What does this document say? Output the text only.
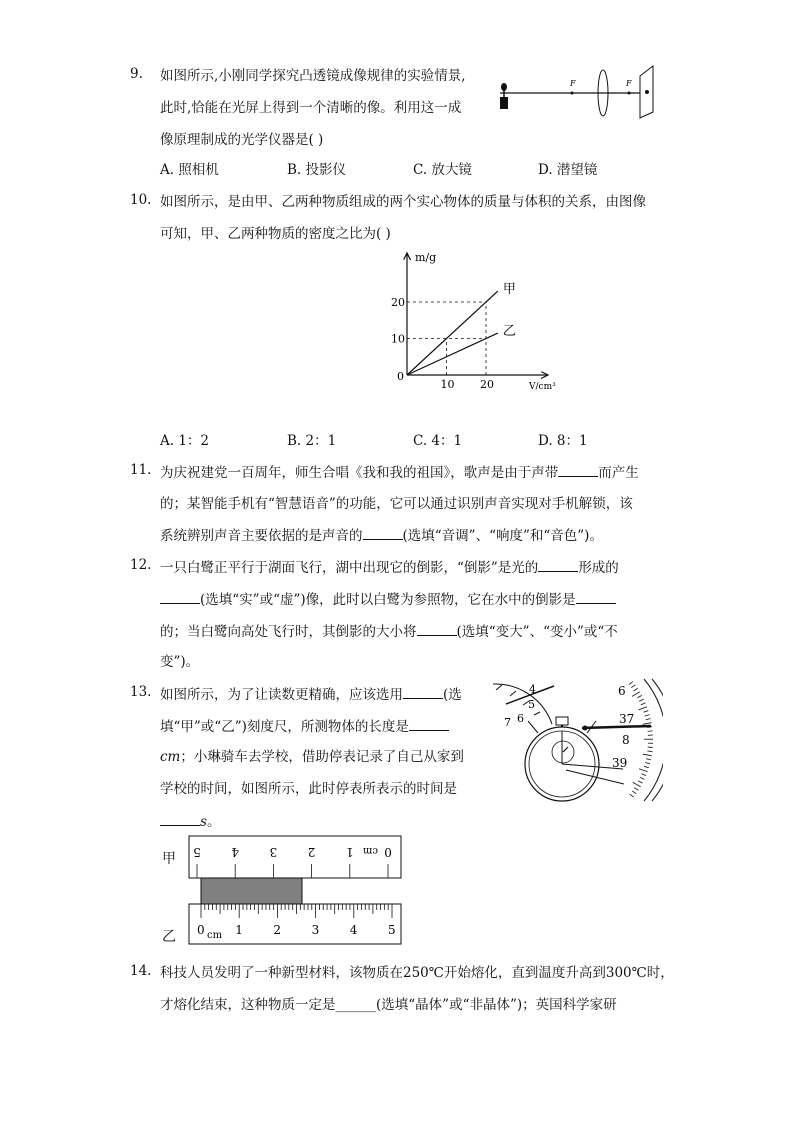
9.	如图所示,小刚同学探究凸透镜成像规律的实验情景,
此时,恰能在光屏上得到一个清晰的像。利用这一成
像原理制成的光学仪器是( )
A. 照相机	B. 投影仪	C. 放大镜	D. 潜望镜
F	F
10. 如图所示，是由甲、乙两种物质组成的两个实心物体的质量与体积的关系，由图像
可知，甲、乙两种物质的密度之比为( )
m/g
V/cm³
0
10 20
10
20
甲
乙
A. 1：2	B. 2：1	C. 4：1	D. 8：1
11. 为庆祝建党一百周年，师生合唱《我和我的祖国》，歌声是由于声带	而产生
的；某智能手机有“智慧语音”的功能，它可以通过识别声音实现对手机解锁，该
系统辨别声音主要依据的是声音的	(选填“音调”、“响度”和“音色”)。
12. 一只白鹭正平行于湖面飞行，湖中出现它的倒影，“倒影”是光的	形成的
(选填“实”或“虚”)像，此时以白鹭为参照物，它在水中的倒影是
的；当白鹭向高处飞行时，其倒影的大小将	(选填“变大”、“变小”或“不
变”)。
13. 如图所示，为了让读数更精确，应该选用	(选
填“甲”或“乙”)刻度尺，所测物体的长度是
cm；小琳骑车去学校，借助停表记录了自己从家到
学校的时间，如图所示，此时停表所表示的时间是
s。
4
5
6
7
6
37
8
39
甲
乙
0
1
2
3
4
5	cm
0	1	2	3	4	5
cm
14. 科技人员发明了一种新型材料，该物质在250℃开始熔化，直到温度升高到300℃时，
才熔化结束，这种物质一定是______(选填“晶体”或“非晶体”)；英国科学家研
